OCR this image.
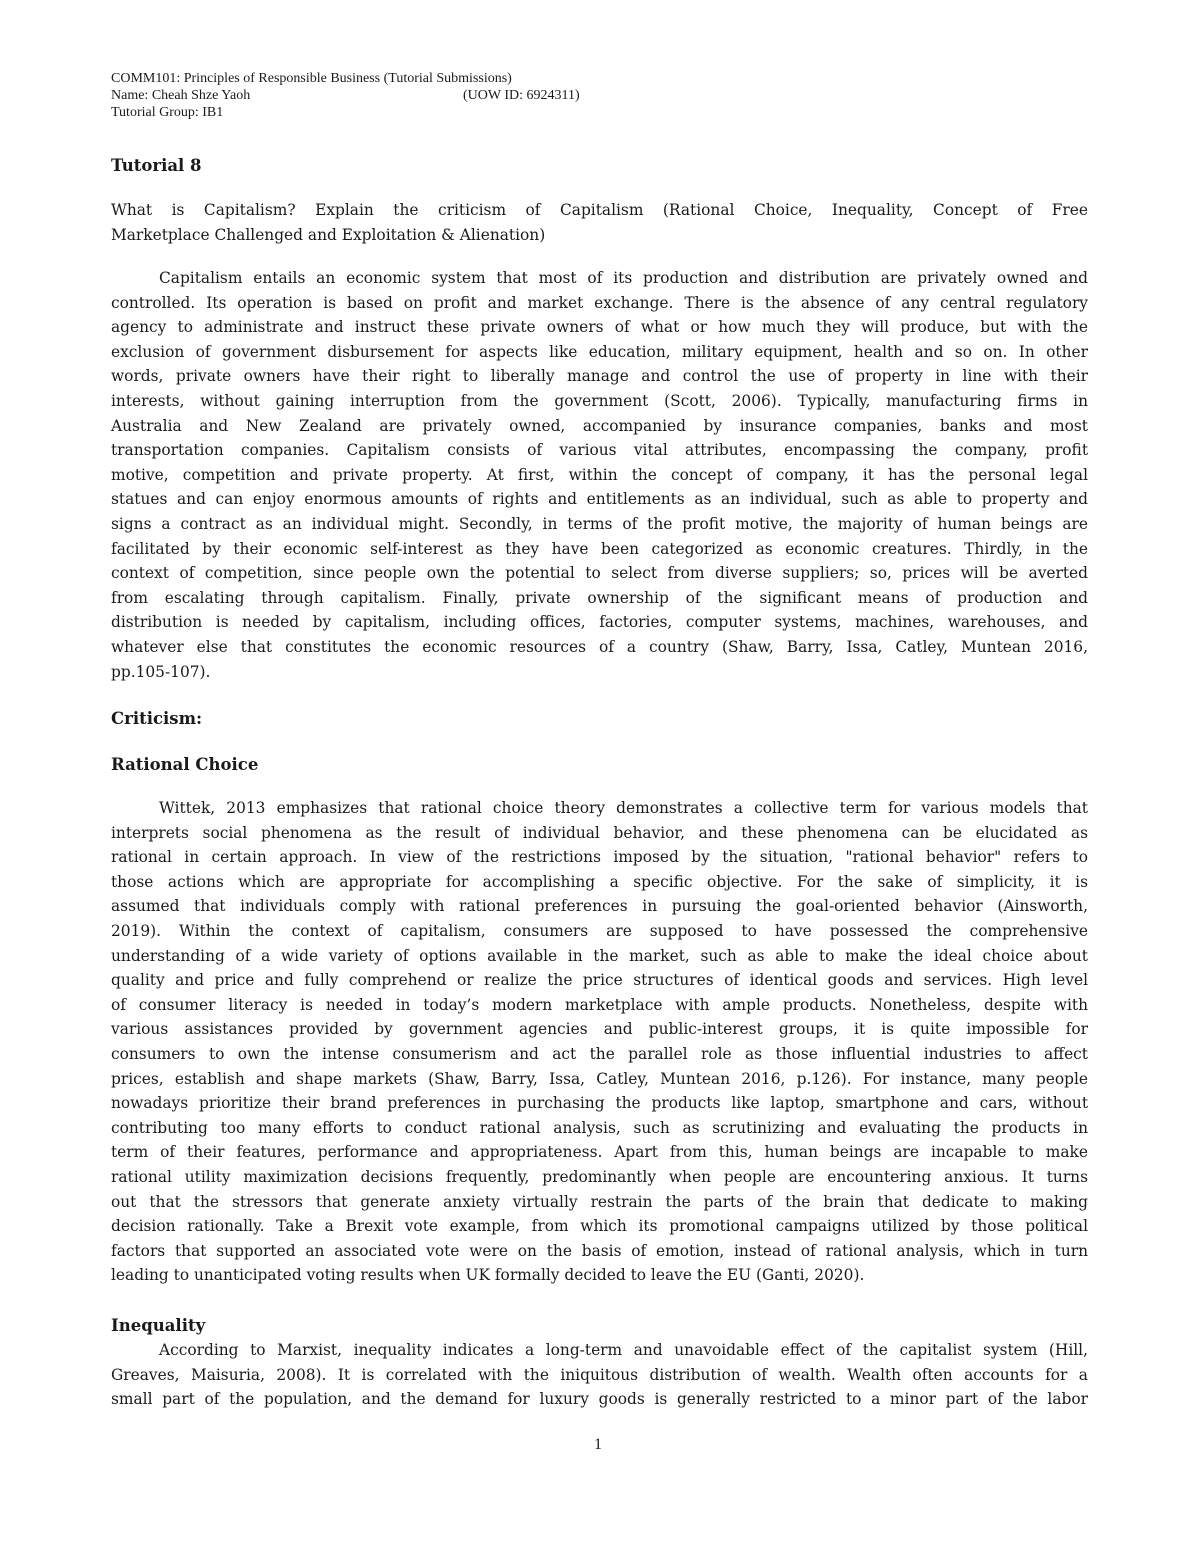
COMM101: Principles of Responsible Business (Tutorial Submissions)
Name: Cheah Shze Yaoh	(UOW ID: 6924311)
Tutorial Group: IB1
Tutorial 8
What is Capitalism? Explain the criticism of Capitalism (Rational Choice, Inequality, Concept of Free
Marketplace Challenged and Exploitation & Alienation)
Capitalism entails an economic system that most of its production and distribution are privately owned and
controlled. Its operation is based on profit and market exchange. There is the absence of any central regulatory
agency to administrate and instruct these private owners of what or how much they will produce, but with the
exclusion of government disbursement for aspects like education, military equipment, health and so on. In other
words, private owners have their right to liberally manage and control the use of property in line with their
interests, without gaining interruption from the government (Scott, 2006). Typically, manufacturing firms in
Australia and New Zealand are privately owned, accompanied by insurance companies, banks and most
transportation companies. Capitalism consists of various vital attributes, encompassing the company, profit
motive, competition and private property. At first, within the concept of company, it has the personal legal
statues and can enjoy enormous amounts of rights and entitlements as an individual, such as able to property and
signs a contract as an individual might. Secondly, in terms of the profit motive, the majority of human beings are
facilitated by their economic self-interest as they have been categorized as economic creatures. Thirdly, in the
context of competition, since people own the potential to select from diverse suppliers; so, prices will be averted
from escalating through capitalism. Finally, private ownership of the significant means of production and
distribution is needed by capitalism, including offices, factories, computer systems, machines, warehouses, and
whatever else that constitutes the economic resources of a country (Shaw, Barry, Issa, Catley, Muntean 2016,
pp.105-107).
Criticism:
Rational Choice
Wittek, 2013 emphasizes that rational choice theory demonstrates a collective term for various models that
interprets social phenomena as the result of individual behavior, and these phenomena can be elucidated as
rational in certain approach. In view of the restrictions imposed by the situation, "rational behavior" refers to
those actions which are appropriate for accomplishing a specific objective. For the sake of simplicity, it is
assumed that individuals comply with rational preferences in pursuing the goal-oriented behavior (Ainsworth,
2019). Within the context of capitalism, consumers are supposed to have possessed the comprehensive
understanding of a wide variety of options available in the market, such as able to make the ideal choice about
quality and price and fully comprehend or realize the price structures of identical goods and services. High level
of consumer literacy is needed in today’s modern marketplace with ample products. Nonetheless, despite with
various assistances provided by government agencies and public-interest groups, it is quite impossible for
consumers to own the intense consumerism and act the parallel role as those influential industries to affect
prices, establish and shape markets (Shaw, Barry, Issa, Catley, Muntean 2016, p.126). For instance, many people
nowadays prioritize their brand preferences in purchasing the products like laptop, smartphone and cars, without
contributing too many efforts to conduct rational analysis, such as scrutinizing and evaluating the products in
term of their features, performance and appropriateness. Apart from this, human beings are incapable to make
rational utility maximization decisions frequently, predominantly when people are encountering anxious. It turns
out that the stressors that generate anxiety virtually restrain the parts of the brain that dedicate to making
decision rationally. Take a Brexit vote example, from which its promotional campaigns utilized by those political
factors that supported an associated vote were on the basis of emotion, instead of rational analysis, which in turn
leading to unanticipated voting results when UK formally decided to leave the EU (Ganti, 2020).
Inequality
According to Marxist, inequality indicates a long-term and unavoidable effect of the capitalist system (Hill,
Greaves, Maisuria, 2008). It is correlated with the iniquitous distribution of wealth. Wealth often accounts for a
small part of the population, and the demand for luxury goods is generally restricted to a minor part of the labor
1
